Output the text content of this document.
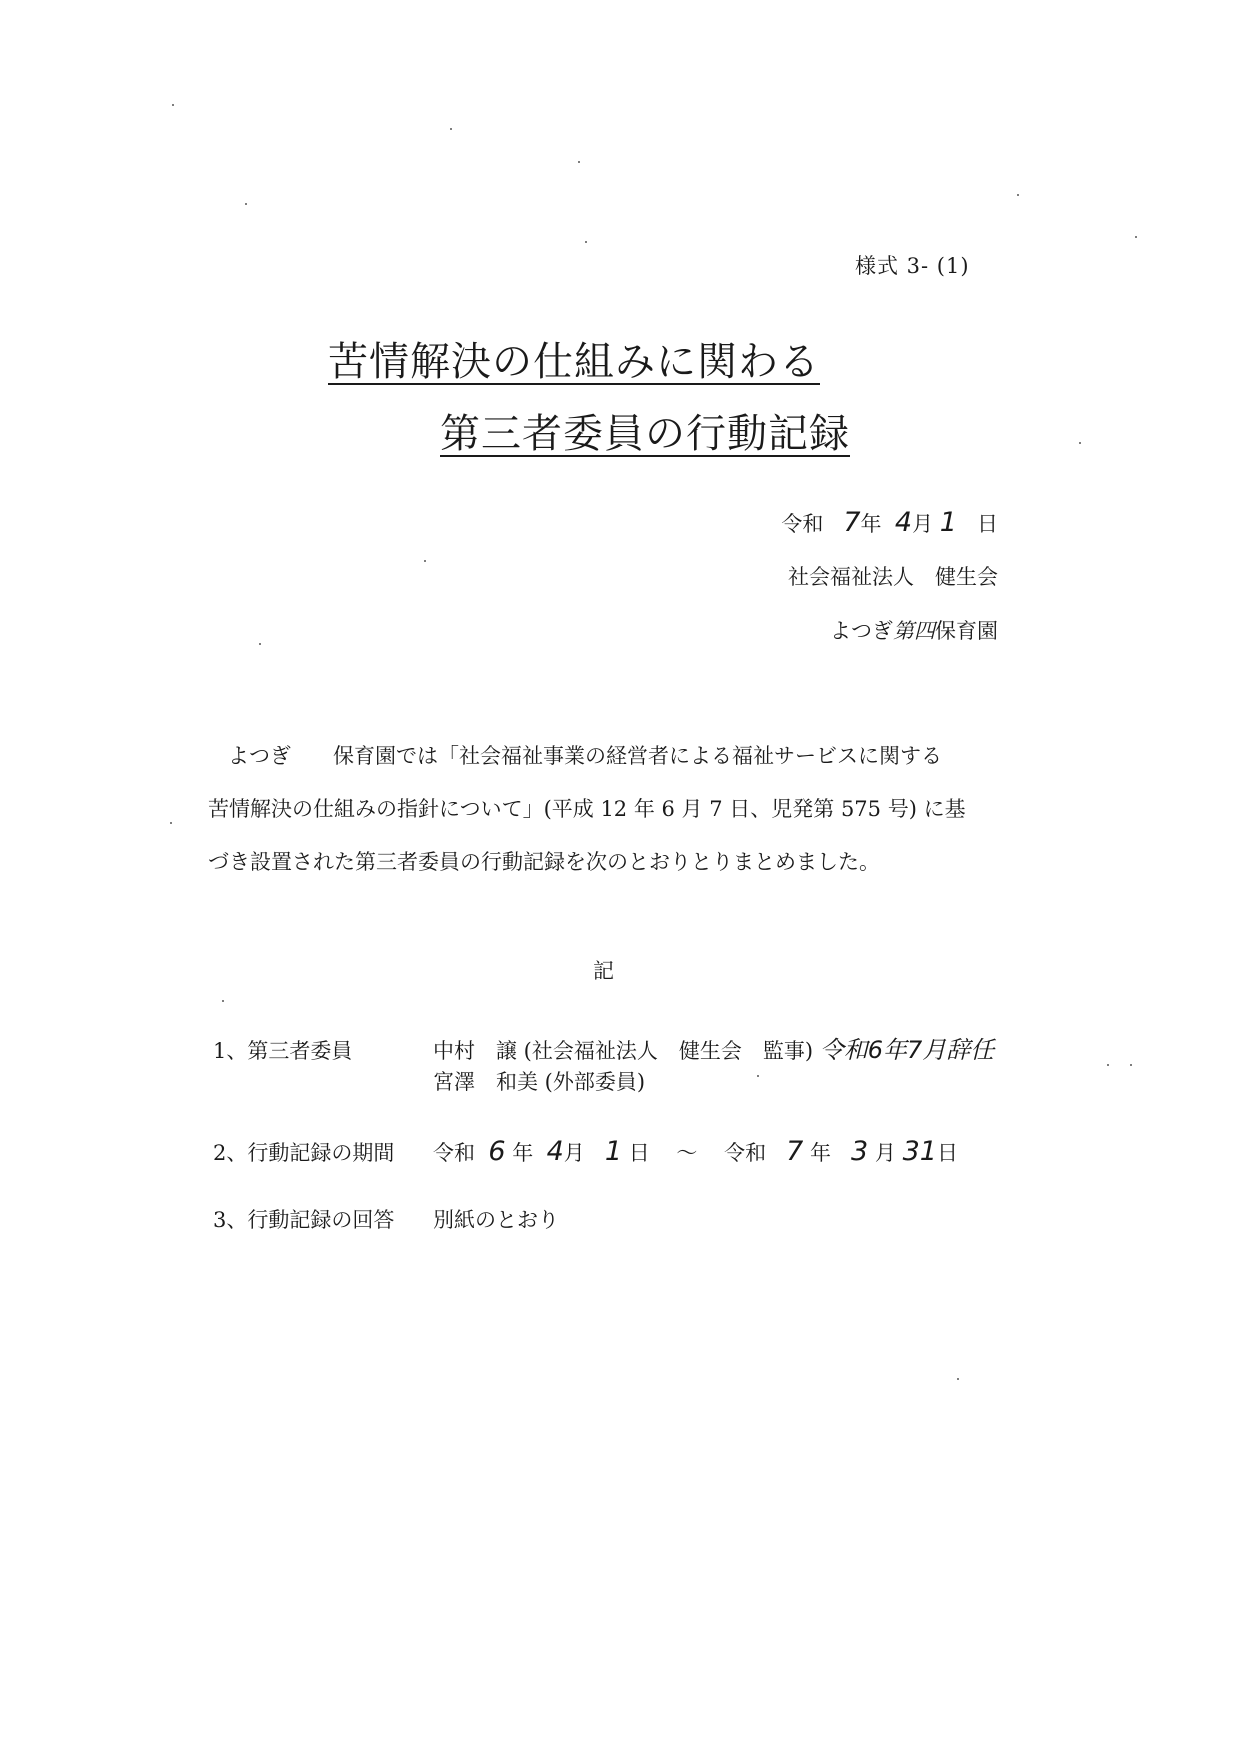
様式 3- (1)
苦情解決の仕組みに関わる
第三者委員の行動記録
令和 7年 4月 1 日
社会福祉法人　健生会
よつぎ第四保育園

よつぎ　　保育園では「社会福祉事業の経営者による福祉サービスに関する

苦情解決の仕組みの指針について」(平成 12 年 6 月 7 日、児発第 575 号) に基

づき設置された第三者委員の行動記録を次のとおりとりまとめました。

記
1、第三者委員	中村　譲 (社会福祉法人　健生会　監事) 令和6年7月辞任
宮澤　和美 (外部委員)
2、行動記録の期間 令和 6 年 4月 1 日 〜 令和 7 年 3 月 31日
3、行動記録の回答 別紙のとおり
